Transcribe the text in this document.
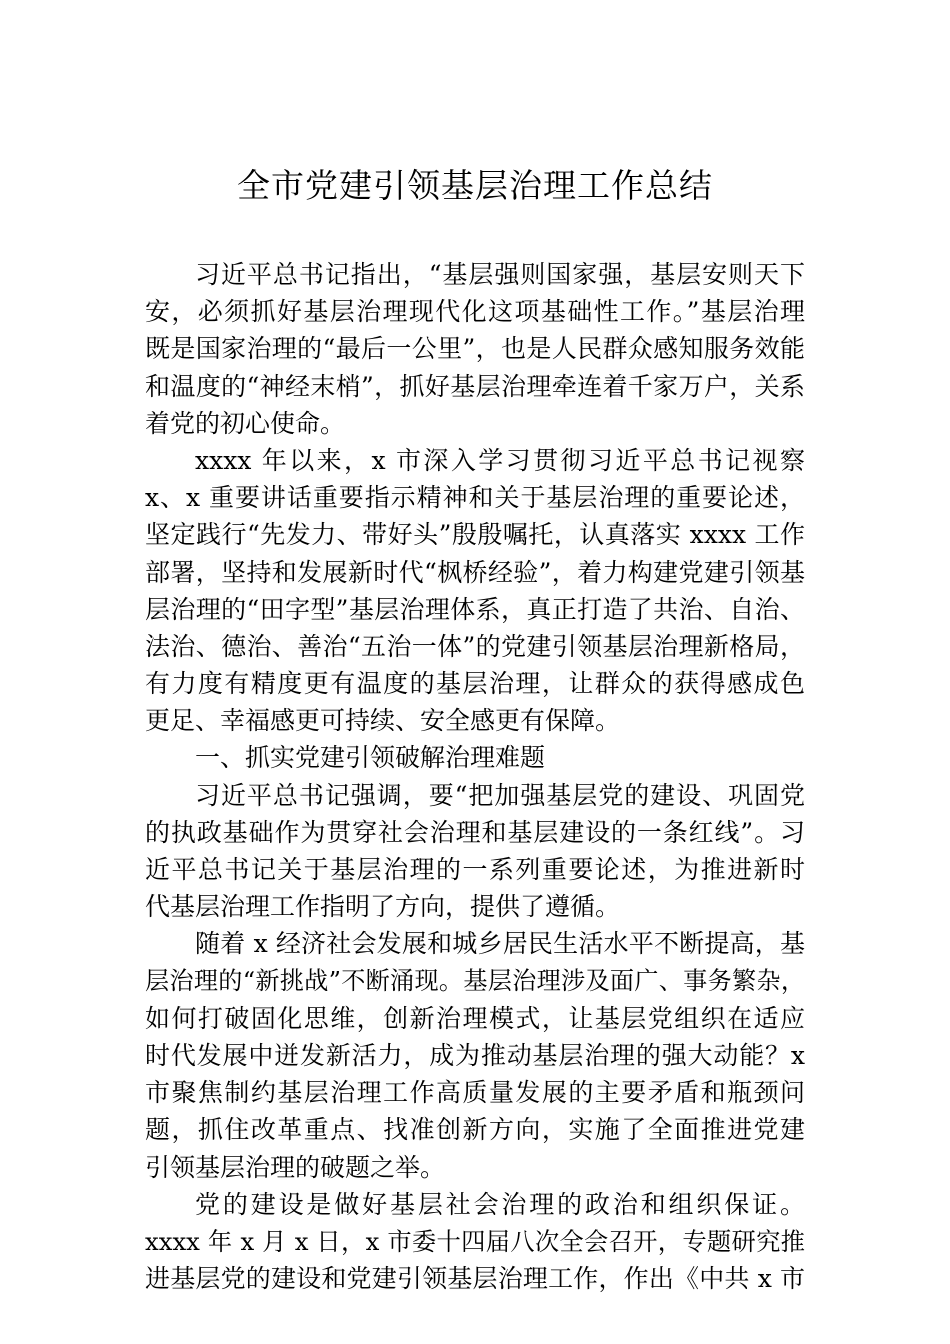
全市党建引领基层治理工作总结
习近平总书记指出，“基层强则国家强，基层安则天下
安，必须抓好基层治理现代化这项基础性工作。”基层治理
既是国家治理的“最后一公里”，也是人民群众感知服务效能
和温度的“神经末梢”，抓好基层治理牵连着千家万户，关系
着党的初心使命。
xxxx 年以来，x 市深入学习贯彻习近平总书记视察
x、x 重要讲话重要指示精神和关于基层治理的重要论述，
坚定践行“先发力、带好头”殷殷嘱托，认真落实 xxxx 工作
部署，坚持和发展新时代“枫桥经验”，着力构建党建引领基
层治理的“田字型”基层治理体系，真正打造了共治、自治、
法治、德治、善治“五治一体”的党建引领基层治理新格局，
有力度有精度更有温度的基层治理，让群众的获得感成色
更足、幸福感更可持续、安全感更有保障。
一、抓实党建引领破解治理难题
习近平总书记强调，要“把加强基层党的建设、巩固党
的执政基础作为贯穿社会治理和基层建设的一条红线”。习
近平总书记关于基层治理的一系列重要论述，为推进新时
代基层治理工作指明了方向，提供了遵循。
随着 x 经济社会发展和城乡居民生活水平不断提高，基
层治理的“新挑战”不断涌现。基层治理涉及面广、事务繁杂，
如何打破固化思维，创新治理模式，让基层党组织在适应
时代发展中迸发新活力，成为推动基层治理的强大动能？x
市聚焦制约基层治理工作高质量发展的主要矛盾和瓶颈问
题，抓住改革重点、找准创新方向，实施了全面推进党建
引领基层治理的破题之举。
党的建设是做好基层社会治理的政治和组织保证。
xxxx 年 x 月 x 日，x 市委十四届八次全会召开，专题研究推
进基层党的建设和党建引领基层治理工作，作出《中共 x 市
